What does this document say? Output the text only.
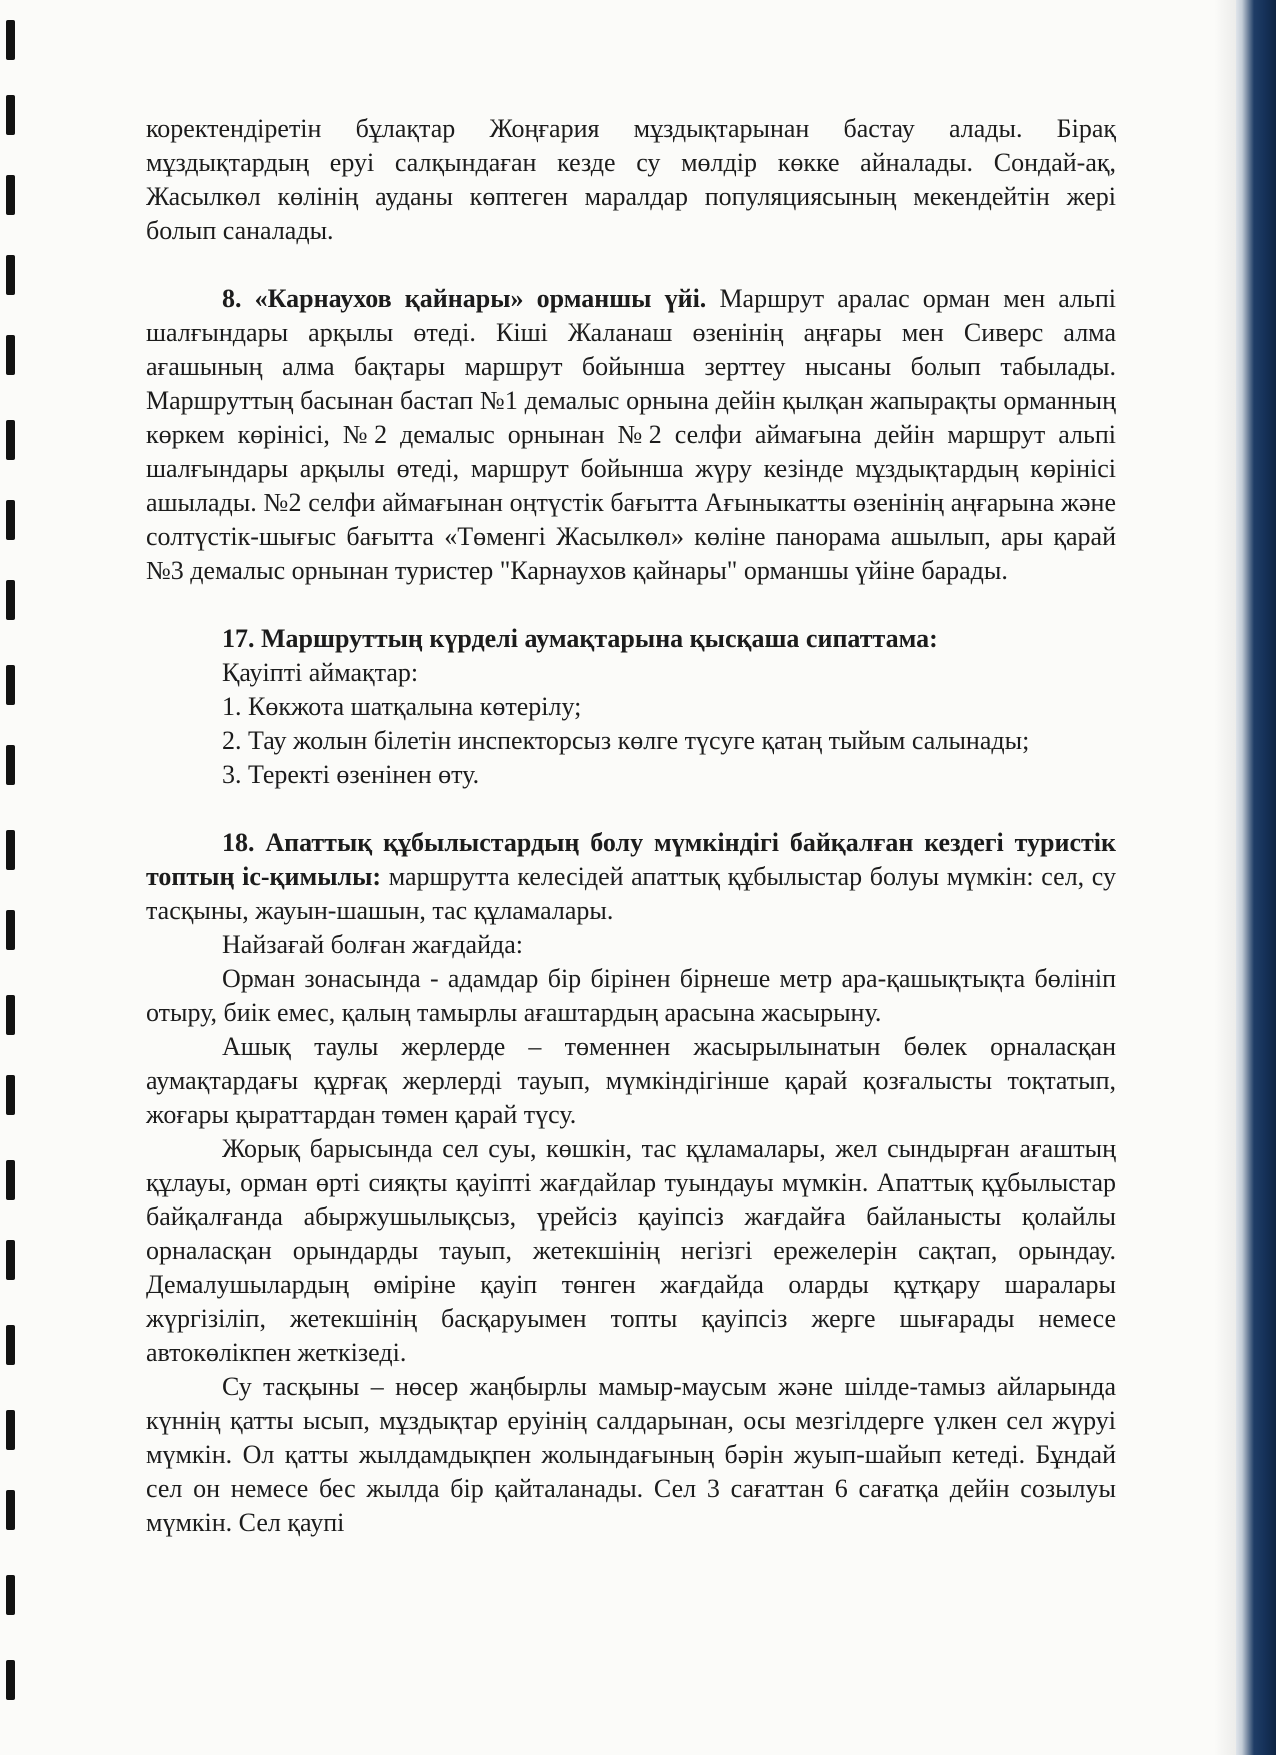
коректендіретін бұлақтар Жоңғария мұздықтарынан бастау алады. Бірақ мұздықтардың еруі салқындаған кезде су мөлдір көкке айналады. Сондай-ақ, Жасылкөл көлінің ауданы көптеген маралдар популяциясының мекендейтін жері болып саналады.

8. «Карнаухов қайнары» орманшы үйі. Маршрут аралас орман мен альпі шалғындары арқылы өтеді. Кіші Жаланаш өзенінің аңғары мен Сиверс алма ағашының алма бақтары маршрут бойынша зерттеу нысаны болып табылады. Маршруттың басынан бастап №1 демалыс орнына дейін қылқан жапырақты орманның көркем көрінісі, №2 демалыс орнынан №2 селфи аймағына дейін маршрут альпі шалғындары арқылы өтеді, маршрут бойынша жүру кезінде мұздықтардың көрінісі ашылады. №2 селфи аймағынан оңтүстік бағытта Ағыныкатты өзенінің аңғарына және солтүстік-шығыс бағытта «Төменгі Жасылкөл» көліне панорама ашылып, ары қарай №3 демалыс орнынан туристер "Карнаухов қайнары" орманшы үйіне барады.

17. Маршруттың күрделі аумақтарына қысқаша сипаттама:

Қауіпті аймақтар:

1. Көкжота шатқалына көтерілу;

2. Тау жолын білетін инспекторсыз көлге түсуге қатаң тыйым салынады;

3. Теректі өзенінен өту.

18. Апаттық құбылыстардың болу мүмкіндігі байқалған кездегі туристік топтың іс-қимылы: маршрутта келесідей апаттық құбылыстар болуы мүмкін: сел, су тасқыны, жауын-шашын, тас құламалары.

Найзағай болған жағдайда:

Орман зонасында - адамдар бір бірінен бірнеше метр ара-қашықтықта бөлініп отыру, биік емес, қалың тамырлы ағаштардың арасына жасырыну.

Ашық таулы жерлерде – төменнен жасырылынатын бөлек орналасқан аумақтардағы құрғақ жерлерді тауып, мүмкіндігінше қарай қозғалысты тоқтатып, жоғары қыраттардан төмен қарай түсу.

Жорық барысында сел суы, көшкін, тас құламалары, жел сындырған ағаштың құлауы, орман өрті сияқты қауіпті жағдайлар туындауы мүмкін. Апаттық құбылыстар байқалғанда абыржушылықсыз, үрейсіз қауіпсіз жағдайға байланысты қолайлы орналасқан орындарды тауып, жетекшінің негізгі ережелерін сақтап, орындау. Демалушылардың өміріне қауіп төнген жағдайда оларды құтқару шаралары жүргізіліп, жетекшінің басқаруымен топты қауіпсіз жерге шығарады немесе автокөлікпен жеткізеді.

Су тасқыны – нөсер жаңбырлы мамыр-маусым және шілде-тамыз айларында күннің қатты ысып, мұздықтар еруінің салдарынан, осы мезгілдерге үлкен сел жүруі мүмкін. Ол қатты жылдамдықпен жолындағының бәрін жуып-шайып кетеді. Бұндай сел он немесе бес жылда бір қайталанады. Сел 3 сағаттан 6 сағатқа дейін созылуы мүмкін. Сел қаупі
